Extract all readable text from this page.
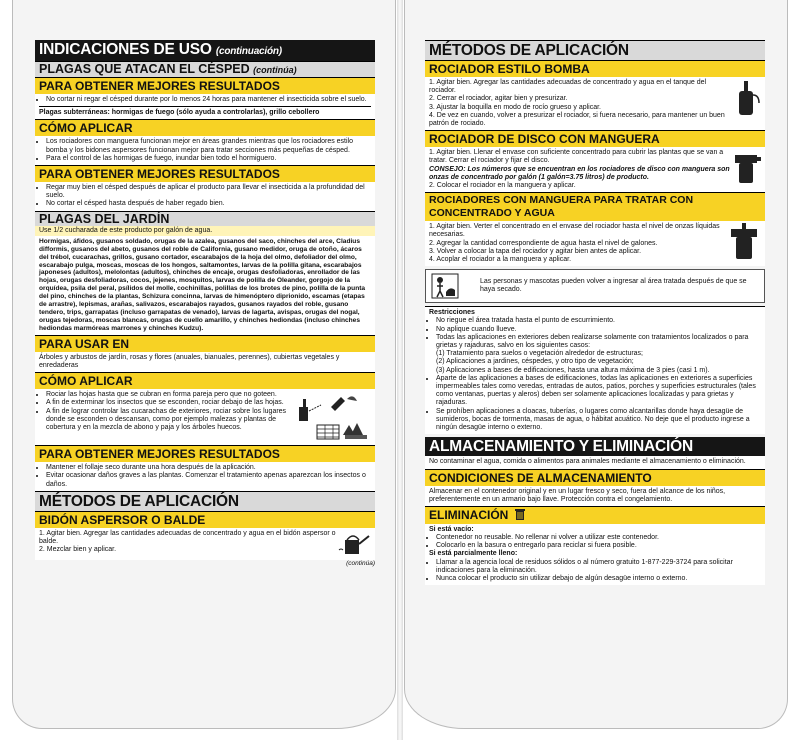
INDICACIONES DE USO (continuación)
PLAGAS QUE ATACAN EL CÉSPED (continúa)
PARA OBTENER MEJORES RESULTADOS
• No cortar ni regar el césped durante por lo menos 24 horas para mantener el insecticida sobre el suelo.

Plagas subterráneas: hormigas de fuego (sólo ayuda a controlarlas), grillo cebollero

CÓMO APLICAR
• Los rociadores con manguera funcionan mejor en áreas grandes mientras que los rociadores estilo bomba y los bidones aspersores funcionan mejor para tratar secciones más pequeñas de césped.
• Para el control de las hormigas de fuego, inundar bien todo el hormiguero.
PARA OBTENER MEJORES RESULTADOS
• Regar muy bien el césped después de aplicar el producto para llevar el insecticida a la profundidad del suelo.
• No cortar el césped hasta después de haber regado bien.
PLAGAS DEL JARDÍN
Use 1/2 cucharada de este producto por galón de agua.

Hormigas, áfidos, gusanos soldado, orugas de la azalea, gusanos del saco, chinches del arce, Cladius difformis, gusanos del abeto, gusanos del roble de California, gusano medidor, oruga de otoño, ácaros del trébol, cucarachas, grillos, gusano cortador, escarabajos de la hoja del olmo, defoliador del olmo, escarabajo pulga, moscas, moscas de los hongos, saltamontes, larvas de la polilla gitana, escarabajos japoneses (adultos), melolontas (adultos), chinches de encaje, orugas desfoliadoras, enrollador de las hojas, orugas desfoliadoras, cocos, jejenes, mosquitos, larvas de polilla de Oleander, gorgojo de la orquídea, psila del peral, psílidos del molle, cochinillas, polillas de los brotes de pino, polilla de la punta del pino, chinches de la plantas, Schizura concinna, larvas de himenóptero diprionido, escamas (etapas de arrastre), lepismas, arañas, salivazos, escarabajos rayados, gusanos rayados del roble, gusano tendero, trips, garrapatas (incluso garrapatas de venado), larvas de lagarta, avispas, orugas del nogal, orugas tejedoras, moscas blancas, orugas de cuello amarillo, y chinches hediondas (incluso chinches hediondas marmóreas marrones y chinches Kudzu).

PARA USAR EN
Árboles y arbustos de jardín, rosas y flores (anuales, bianuales, perennes), cubiertas vegetales y enredaderas
CÓMO APLICAR
• Rociar las hojas hasta que se cubran en forma pareja pero que no goteen.
• A fin de exterminar los insectos que se esconden, rociar debajo de las hojas.
• A fin de lograr controlar las cucarachas de exteriores, rociar sobre los lugares donde se esconden o descansan, como por ejemplo malezas y plantas de cobertura y en la mezcla de abono y paja y los árboles huecos.
PARA OBTENER MEJORES RESULTADOS
• Mantener el follaje seco durante una hora después de la aplicación.
• Evitar ocasionar daños graves a las plantas. Comenzar el tratamiento apenas aparezcan los insectos o daños.
MÉTODOS DE APLICACIÓN
BIDÓN ASPERSOR O BALDE

1. Agitar bien. Agregar las cantidades adecuadas de concentrado y agua en el bidón aspersor o balde.

2. Mezclar bien y aplicar.

(continúa)
MÉTODOS DE APLICACIÓN
ROCIADOR ESTILO BOMBA

1. Agitar bien. Agregar las cantidades adecuadas de concentrado y agua en el tanque del rociador.

2. Cerrar el rociador, agitar bien y presurizar.

3. Ajustar la boquilla en modo de rocío grueso y aplicar.

4. De vez en cuando, volver a presurizar el rociador, si fuera necesario, para mantener un buen patrón de rociado.

ROCIADOR DE DISCO CON MANGUERA

1. Agitar bien. Llenar el envase con suficiente concentrado para cubrir las plantas que se van a tratar. Cerrar el rociador y fijar el disco.

CONSEJO: Los números que se encuentran en los rociadores de disco con manguera son onzas de concentrado por galón (1 galón=3.75 litros) de producto.

2. Colocar el rociador en la manguera y aplicar.

ROCIADORES CON MANGUERA PARA TRATAR CON CONCENTRADO Y AGUA

1. Agitar bien. Verter el concentrado en el envase del rociador hasta el nivel de onzas líquidas necesarias.

2. Agregar la cantidad correspondiente de agua hasta el nivel de galones.

3. Volver a colocar la tapa del rociador y agitar bien antes de aplicar.

4. Acoplar el rociador a la manguera y aplicar.

Las personas y mascotas pueden volver a ingresar al área tratada después de que se haya secado.

Restricciones

• No riegue el área tratada hasta el punto de escurrimiento.
• No aplique cuando llueve.
• Todas las aplicaciones en exteriores deben realizarse solamente con tratamientos localizados o para grietas y rajaduras, salvo en los siguientes casos:

(1) Tratamiento para suelos o vegetación alrededor de estructuras;

(2) Aplicaciones a jardines, céspedes, y otro tipo de vegetación;

(3) Aplicaciones a bases de edificaciones, hasta una altura máxima de 3 pies (casi 1 m).

• Aparte de las aplicaciones a bases de edificaciones, todas las aplicaciones en exteriores a superficies impermeables tales como veredas, entradas de autos, patios, porches y superficies estructurales (tales como ventanas, puertas y aleros) deben ser solamente aplicaciones localizadas y para grietas y rajaduras.
• Se prohíben aplicaciones a cloacas, tuberías, o lugares como alcantarillas donde haya desagüe de sumideros, bocas de tormenta, masas de agua, o hábitat acuático. No deje que el producto ingrese a ningún desagüe interno o externo.
ALMACENAMIENTO Y ELIMINACIÓN
No contaminar el agua, comida o alimentos para animales mediante el almacenamiento o eliminación.
CONDICIONES DE ALMACENAMIENTO
Almacenar en el contenedor original y en un lugar fresco y seco, fuera del alcance de los niños, preferentemente en un armario bajo llave. Protección contra el congelamiento.
ELIMINACIÓN

Si está vacío:

• Contenedor no reusable. No rellenar ni volver a utilizar este contenedor.
• Colocarlo en la basura o entregarlo para reciclar si fuera posible.

Si está parcialmente lleno:

• Llamar a la agencia local de residuos sólidos o al número gratuito 1-877-229-3724 para solicitar indicaciones para la eliminación.
• Nunca colocar el producto sin utilizar debajo de algún desagüe interno o externo.
